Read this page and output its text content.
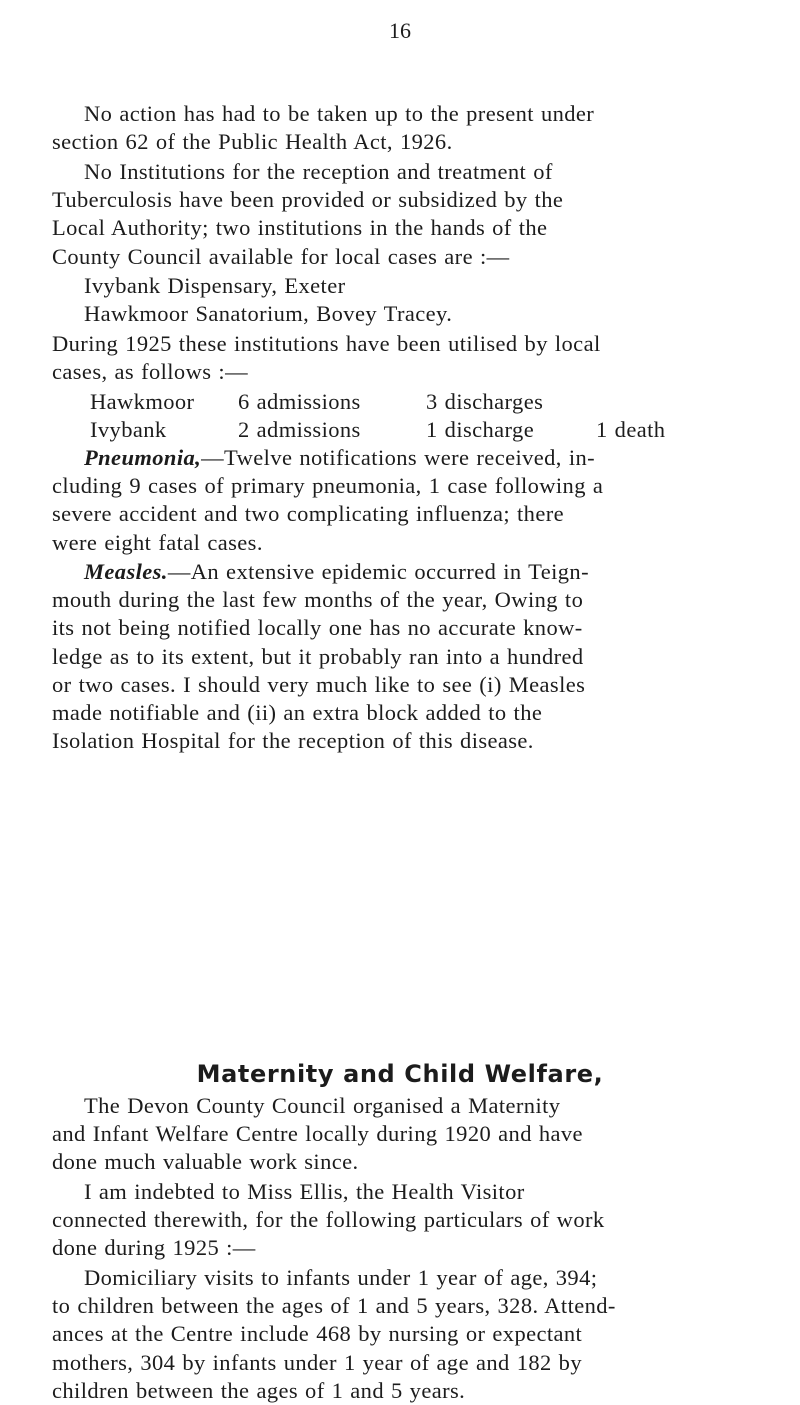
16

No action has had to be taken up to the present under
section 62 of the Public Health Act, 1926.

No Institutions for the reception and treatment of
Tuberculosis have been provided or subsidized by the
Local Authority; two institutions in the hands of the
County Council available for local cases are :—

Ivybank Dispensary, Exeter
Hawkmoor Sanatorium, Bovey Tracey.

During 1925 these institutions have been utilised by local
cases, as follows :—

Hawkmoor 6 admissions	3 discharges
Ivybank	2 admissions	1 discharge	1 death

Pneumonia,—Twelve notifications were received, in-
cluding 9 cases of primary pneumonia, 1 case following a
severe accident and two complicating influenza; there
were eight fatal cases.

Measles.—An extensive epidemic occurred in Teign-
mouth during the last few months of the year, Owing to
its not being notified locally one has no accurate know-
ledge as to its extent, but it probably ran into a hundred
or two cases. I should very much like to see (i) Measles
made notifiable and (ii) an extra block added to the
Isolation Hospital for the reception of this disease.

Maternity and Child Welfare,

The Devon County Council organised a Maternity
and Infant Welfare Centre locally during 1920 and have
done much valuable work since.

I am indebted to Miss Ellis, the Health Visitor
connected therewith, for the following particulars of work
done during 1925 :—

Domiciliary visits to infants under 1 year of age, 394;
to children between the ages of 1 and 5 years, 328. Attend-
ances at the Centre include 468 by nursing or expectant
mothers, 304 by infants under 1 year of age and 182 by
children between the ages of 1 and 5 years.
